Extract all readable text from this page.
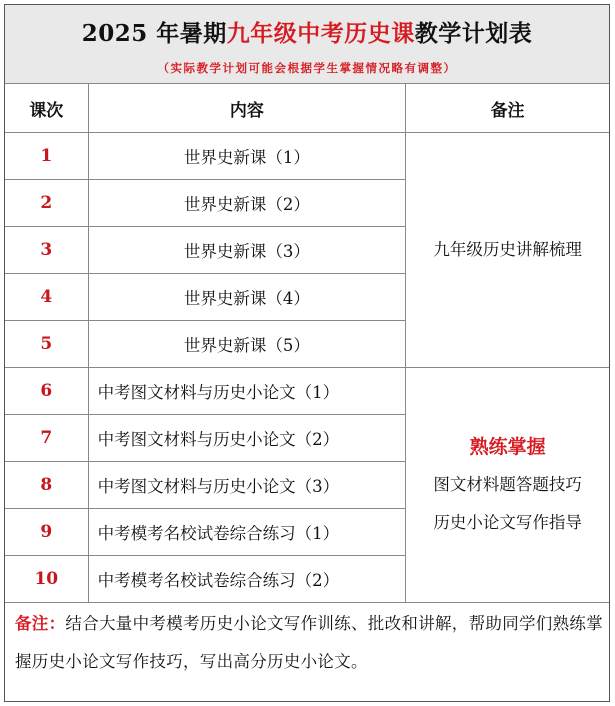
2025 年暑期九年级中考历史课教学计划表
（实际教学计划可能会根据学生掌握情况略有调整）
课次	内容	备注
1	世界史新课（1）	九年级历史讲解梳理
2	世界史新课（2）	
3	世界史新课（3）	
4	世界史新课（4）	
5	世界史新课（5）	
6	中考图文材料与历史小论文（1）	熟练掌握
图文材料题答题技巧
历史小论文写作指导

7	中考图文材料与历史小论文（2）	
8	中考图文材料与历史小论文（3）	
9	中考模考名校试卷综合练习（1）	
10	中考模考名校试卷综合练习（2）	
备注：结合大量中考模考历史小论文写作训练、批改和讲解，帮助同学们熟练掌握历史小论文写作技巧，写出高分历史小论文。
